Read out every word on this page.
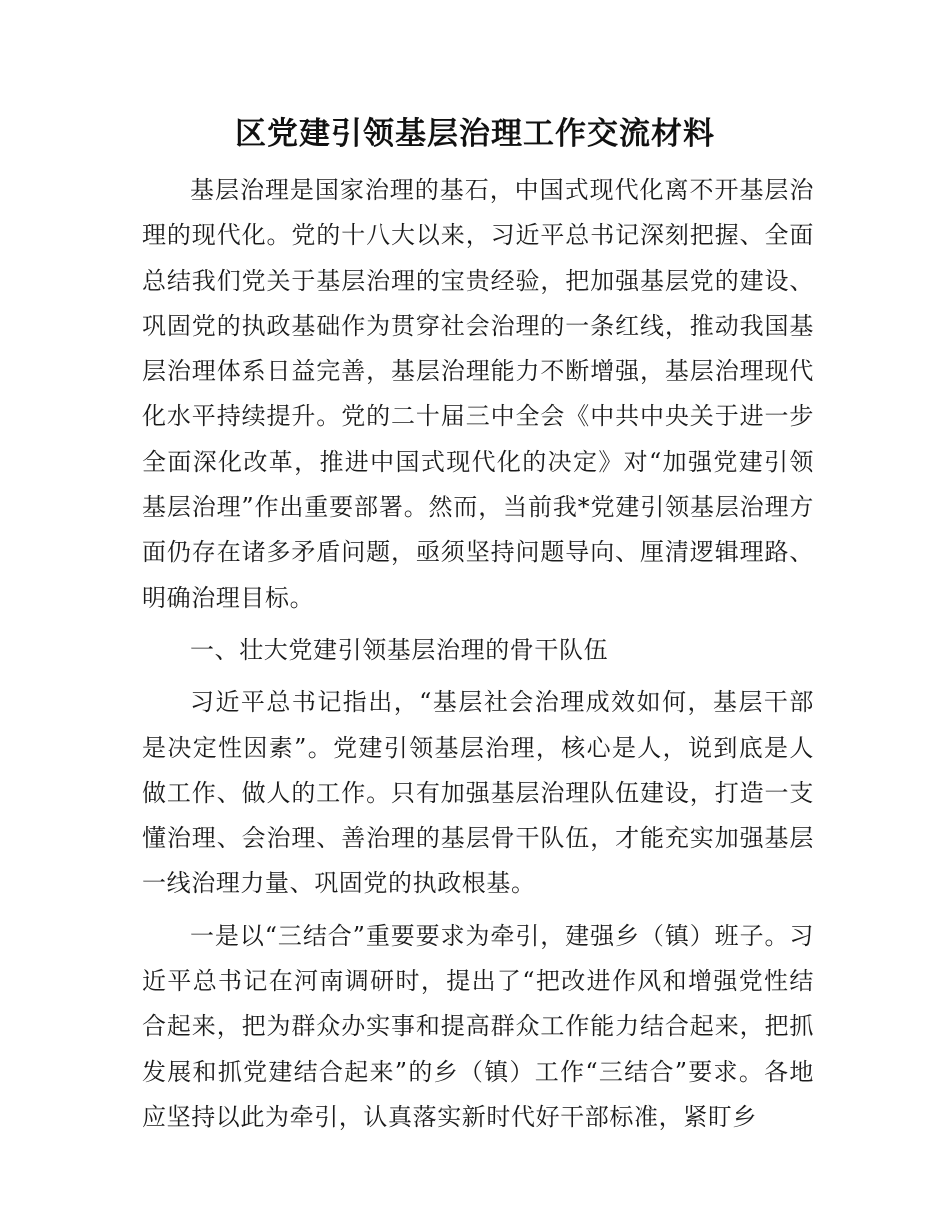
区党建引领基层治理工作交流材料

基层治理是国家治理的基石，中国式现代化离不开基层治理的现代化。党的十八大以来，习近平总书记深刻把握、全面总结我们党关于基层治理的宝贵经验，把加强基层党的建设、巩固党的执政基础作为贯穿社会治理的一条红线，推动我国基层治理体系日益完善，基层治理能力不断增强，基层治理现代化水平持续提升。党的二十届三中全会《中共中央关于进一步全面深化改革，推进中国式现代化的决定》对“加强党建引领基层治理”作出重要部署。然而，当前我*党建引领基层治理方面仍存在诸多矛盾问题，亟须坚持问题导向、厘清逻辑理路、明确治理目标。

一、壮大党建引领基层治理的骨干队伍

习近平总书记指出，“基层社会治理成效如何，基层干部是决定性因素”。党建引领基层治理，核心是人，说到底是人做工作、做人的工作。只有加强基层治理队伍建设，打造一支懂治理、会治理、善治理的基层骨干队伍，才能充实加强基层一线治理力量、巩固党的执政根基。

一是以“三结合”重要要求为牵引，建强乡（镇）班子。习近平总书记在河南调研时，提出了“把改进作风和增强党性结合起来，把为群众办实事和提高群众工作能力结合起来，把抓发展和抓党建结合起来”的乡（镇）工作“三结合”要求。各地应坚持以此为牵引，认真落实新时代好干部标准，紧盯乡
